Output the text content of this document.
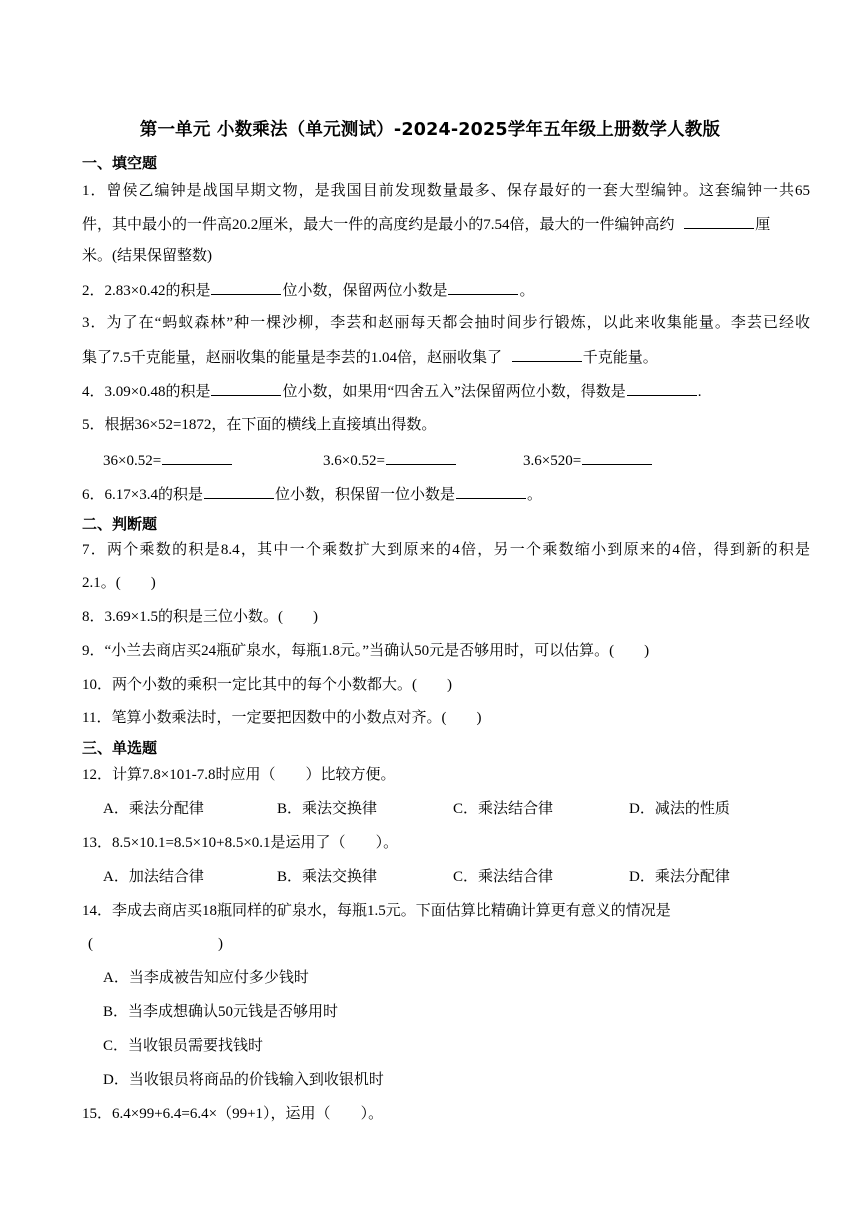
第一单元 小数乘法（单元测试）-2024-2025学年五年级上册数学人教版
一、填空题
1．曾侯乙编钟是战国早期文物，是我国目前发现数量最多、保存最好的一套大型编钟。这套编钟一共65
件，其中最小的一件高20.2厘米，最大一件的高度约是最小的7.54倍，最大的一件编钟高约	厘
米。(结果保留整数)
2．2.83×0.42的积是	位小数，保留两位小数是	。
3．为了在“蚂蚁森林”种一棵沙柳，李芸和赵丽每天都会抽时间步行锻炼，以此来收集能量。李芸已经收
集了7.5千克能量，赵丽收集的能量是李芸的1.04倍，赵丽收集了	千克能量。
4．3.09×0.48的积是	位小数，如果用“四舍五入”法保留两位小数，得数是	.
5．根据36×52=1872，在下面的横线上直接填出得数。
36×0.52=	3.6×0.52=	3.6×520=
6．6.17×3.4的积是	位小数，积保留一位小数是	。
二、判断题
7．两个乘数的积是8.4，其中一个乘数扩大到原来的4倍，另一个乘数缩小到原来的4倍，得到新的积是
2.1。( )
8．3.69×1.5的积是三位小数。( )
9．“小兰去商店买24瓶矿泉水，每瓶1.8元。”当确认50元是否够用时，可以估算。( )
10．两个小数的乘积一定比其中的每个小数都大。( )
11．笔算小数乘法时，一定要把因数中的小数点对齐。( )
三、单选题
12．计算7.8×101-7.8时应用（ ）比较方便。
A．乘法分配律	B．乘法交换律	C．乘法结合律	D．减法的性质
13．8.5×10.1=8.5×10+8.5×0.1是运用了（ ）。
A．加法结合律	B．乘法交换律	C．乘法结合律	D．乘法分配律
14．李成去商店买18瓶同样的矿泉水，每瓶1.5元。下面估算比精确计算更有意义的情况是
(	)
A．当李成被告知应付多少钱时
B．当李成想确认50元钱是否够用时
C．当收银员需要找钱时
D．当收银员将商品的价钱输入到收银机时
15．6.4×99+6.4=6.4×（99+1），运用（ ）。
